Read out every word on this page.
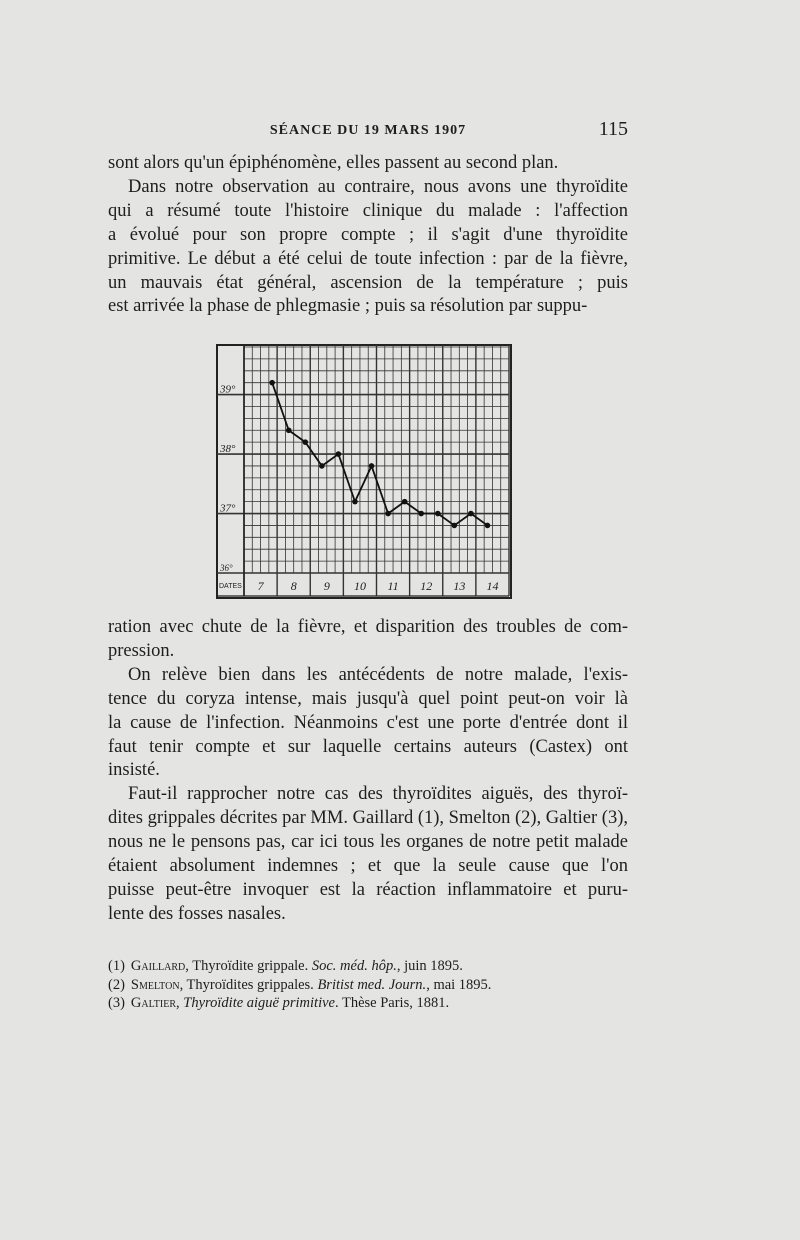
SÉANCE DU 19 MARS 1907	115
sont alors qu'un épiphénomène, elles passent au second plan.
Dans notre observation au contraire, nous avons une thyroïdite
qui a résumé toute l'histoire clinique du malade : l'affection
a évolué pour son propre compte ; il s'agit d'une thyroïdite
primitive. Le début a été celui de toute infection : par de la fièvre,
un mauvais état général, ascension de la température ; puis
est arrivée la phase de phlegmasie ; puis sa résolution par suppu-
36°
37°
38°
39°
DATES 7 8 9 10 11 12 13 14
ration avec chute de la fièvre, et disparition des troubles de com-
pression.
On relève bien dans les antécédents de notre malade, l'exis-
tence du coryza intense, mais jusqu'à quel point peut-on voir là
la cause de l'infection. Néanmoins c'est une porte d'entrée dont il
faut tenir compte et sur laquelle certains auteurs (Castex) ont
insisté.
Faut-il rapprocher notre cas des thyroïdites aiguës, des thyroï-
dites grippales décrites par MM. Gaillard (1), Smelton (2), Galtier (3),
nous ne le pensons pas, car ici tous les organes de notre petit malade
étaient absolument indemnes ; et que la seule cause que l'on
puisse peut-être invoquer est la réaction inflammatoire et puru-
lente des fosses nasales.
(1) Gaillard, Thyroïdite grippale. Soc. méd. hôp., juin 1895.
(2) Smelton, Thyroïdites grippales. Britist med. Journ., mai 1895.
(3) Galtier, Thyroïdite aiguë primitive. Thèse Paris, 1881.
